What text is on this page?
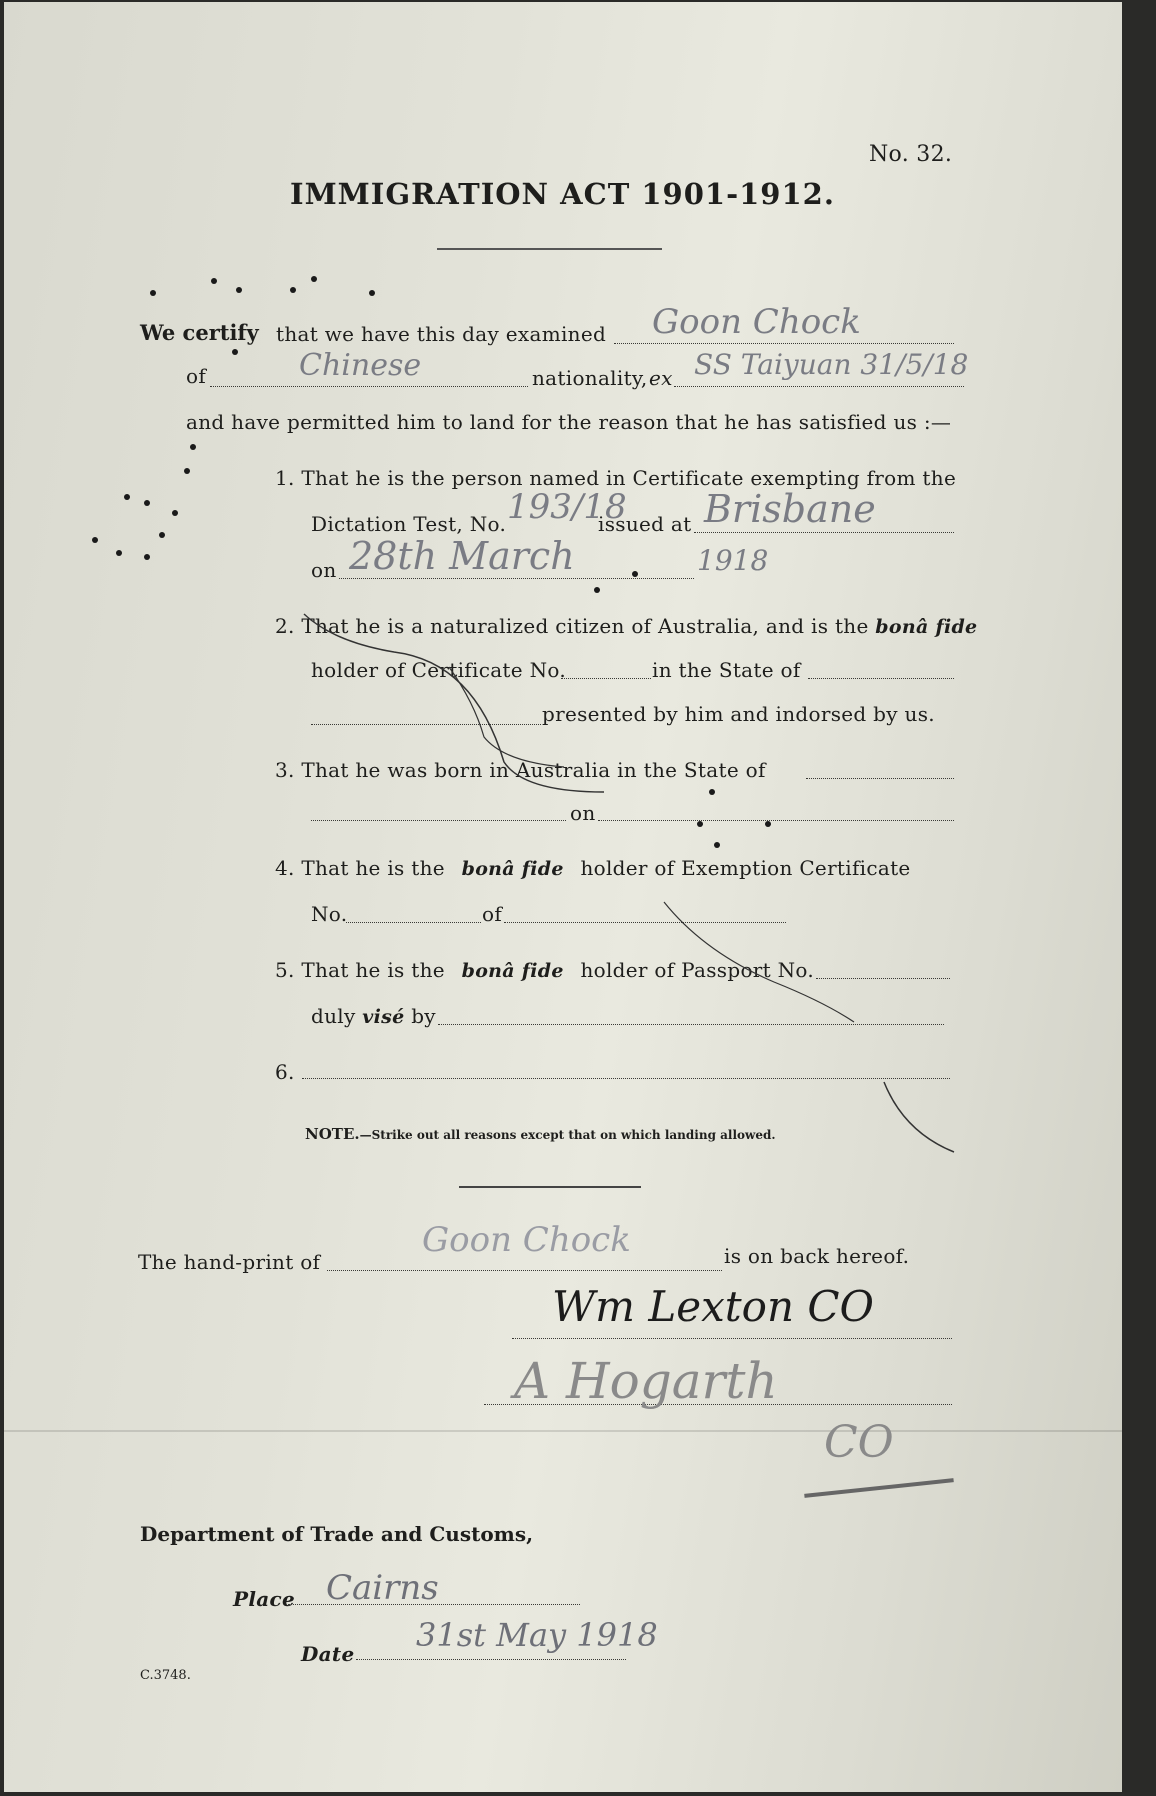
No. 32.
IMMIGRATION ACT 1901-1912.
We certify that we have this day examined Goon Chock
of	Chinese	nationality, ex SS Taiyuan 31/5/18
and have permitted him to land for the reason that he has satisfied us :—
1. That he is the person named in Certificate exempting from the
Dictation Test, No. 193/18
issued at Brisbane
on 28th March	1918
2. That he is a naturalized citizen of Australia, and is the bonâ fide
holder of Certificate No.	in the State of
presented by him and indorsed by us.
3. That he was born in Australia in the State of
on
4. That he is the bonâ fide holder of Exemption Certificate
No.	of
5. That he is the bonâ fide holder of Passport No.
duly visé by
6.
NOTE.—Strike out all reasons except that on which landing allowed.
The hand-print of
Goon Chock	is on back hereof.
Wm Lexton CO
A Hogarth
CO
Department of Trade and Customs,
Place Cairns
Date 31st May 1918
C.3748.
